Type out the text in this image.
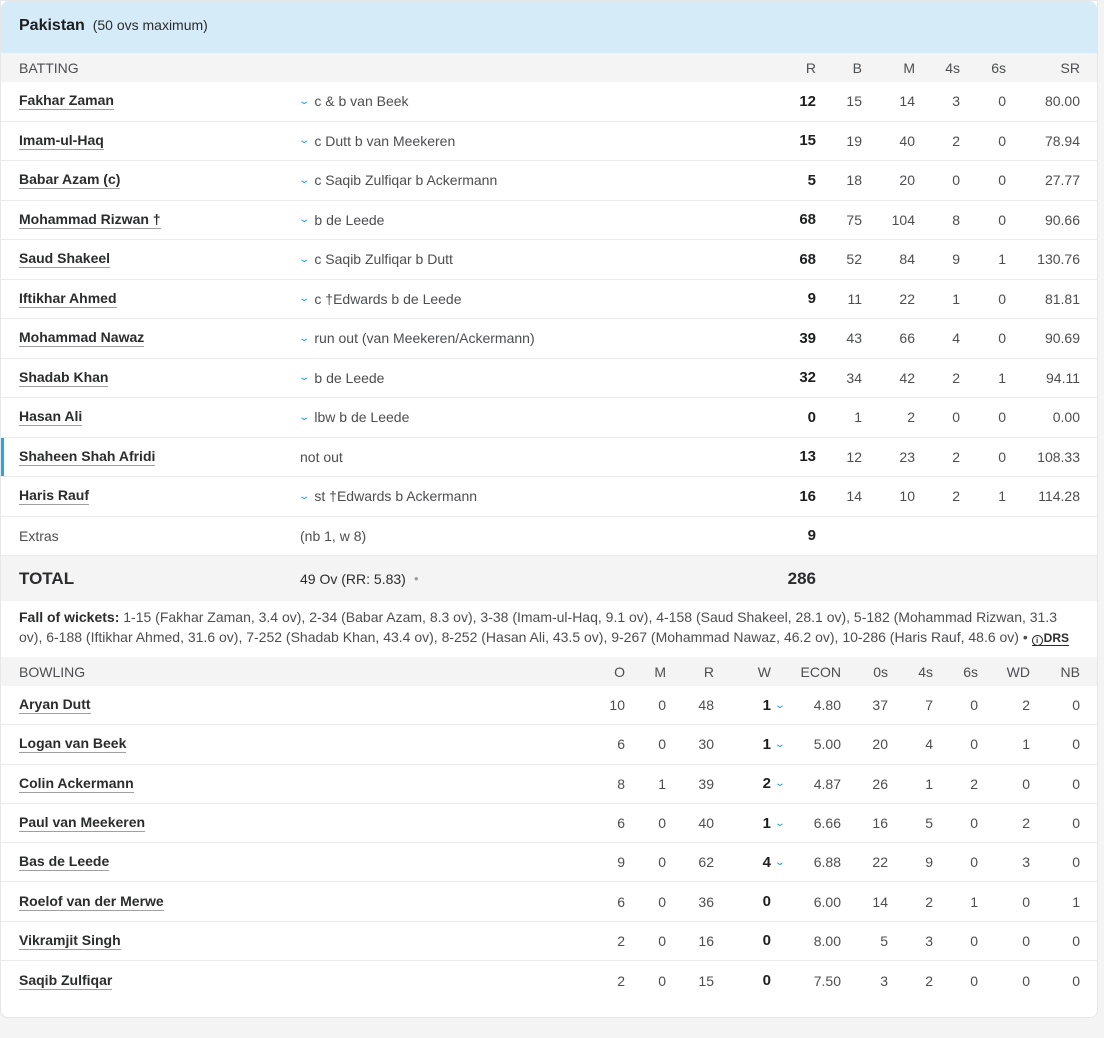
Pakistan (50 ovs maximum)
BATTING	R	B	M	4s	6s	SR
Fakhar Zaman	⌄ c & b van Beek	12	15	14	3	0	80.00
Imam-ul-Haq	⌄ c Dutt b van Meekeren	15	19	40	2	0	78.94
Babar Azam (c)	⌄ c Saqib Zulfiqar b Ackermann	5	18	20	0	0	27.77
Mohammad Rizwan †	⌄ b de Leede	68	75	104	8	0	90.66
Saud Shakeel	⌄ c Saqib Zulfiqar b Dutt	68	52	84	9	1	130.76
Iftikhar Ahmed	⌄ c †Edwards b de Leede	9	11	22	1	0	81.81
Mohammad Nawaz	⌄ run out (van Meekeren/Ackermann)	39	43	66	4	0	90.69
Shadab Khan	⌄ b de Leede	32	34	42	2	1	94.11
Hasan Ali	⌄ lbw b de Leede	0	1	2	0	0	0.00
Shaheen Shah Afridi	not out	13	12	23	2	0	108.33
Haris Rauf	⌄ st †Edwards b Ackermann	16	14	10	2	1	114.28
Extras	(nb 1, w 8)	9
TOTAL	49 Ov (RR: 5.83) ●	286
Fall of wickets: 1-15 (Fakhar Zaman, 3.4 ov), 2-34 (Babar Azam, 8.3 ov), 3-38 (Imam-ul-Haq, 9.1 ov), 4-158 (Saud Shakeel, 28.1 ov), 5-182 (Mohammad Rizwan, 31.3 ov), 6-188 (Iftikhar Ahmed, 31.6 ov), 7-252 (Shadab Khan, 43.4 ov), 8-252 (Hasan Ali, 43.5 ov), 9-267 (Mohammad Nawaz, 46.2 ov), 10-286 (Haris Rauf, 48.6 ov) • i DRS
BOWLING	O	M	R	W	ECON	0s	4s	6s	WD	NB
Aryan Dutt	10	0	48	1 ⌄	4.80	37	7	0	2	0
Logan van Beek	6	0	30	1 ⌄	5.00	20	4	0	1	0
Colin Ackermann	8	1	39	2 ⌄	4.87	26	1	2	0	0
Paul van Meekeren	6	0	40	1 ⌄	6.66	16	5	0	2	0
Bas de Leede	9	0	62	4 ⌄	6.88	22	9	0	3	0
Roelof van der Merwe	6	0	36	0	6.00	14	2	1	0	1
Vikramjit Singh	2	0	16	0	8.00	5	3	0	0	0
Saqib Zulfiqar	2	0	15	0	7.50	3	2	0	0	0
